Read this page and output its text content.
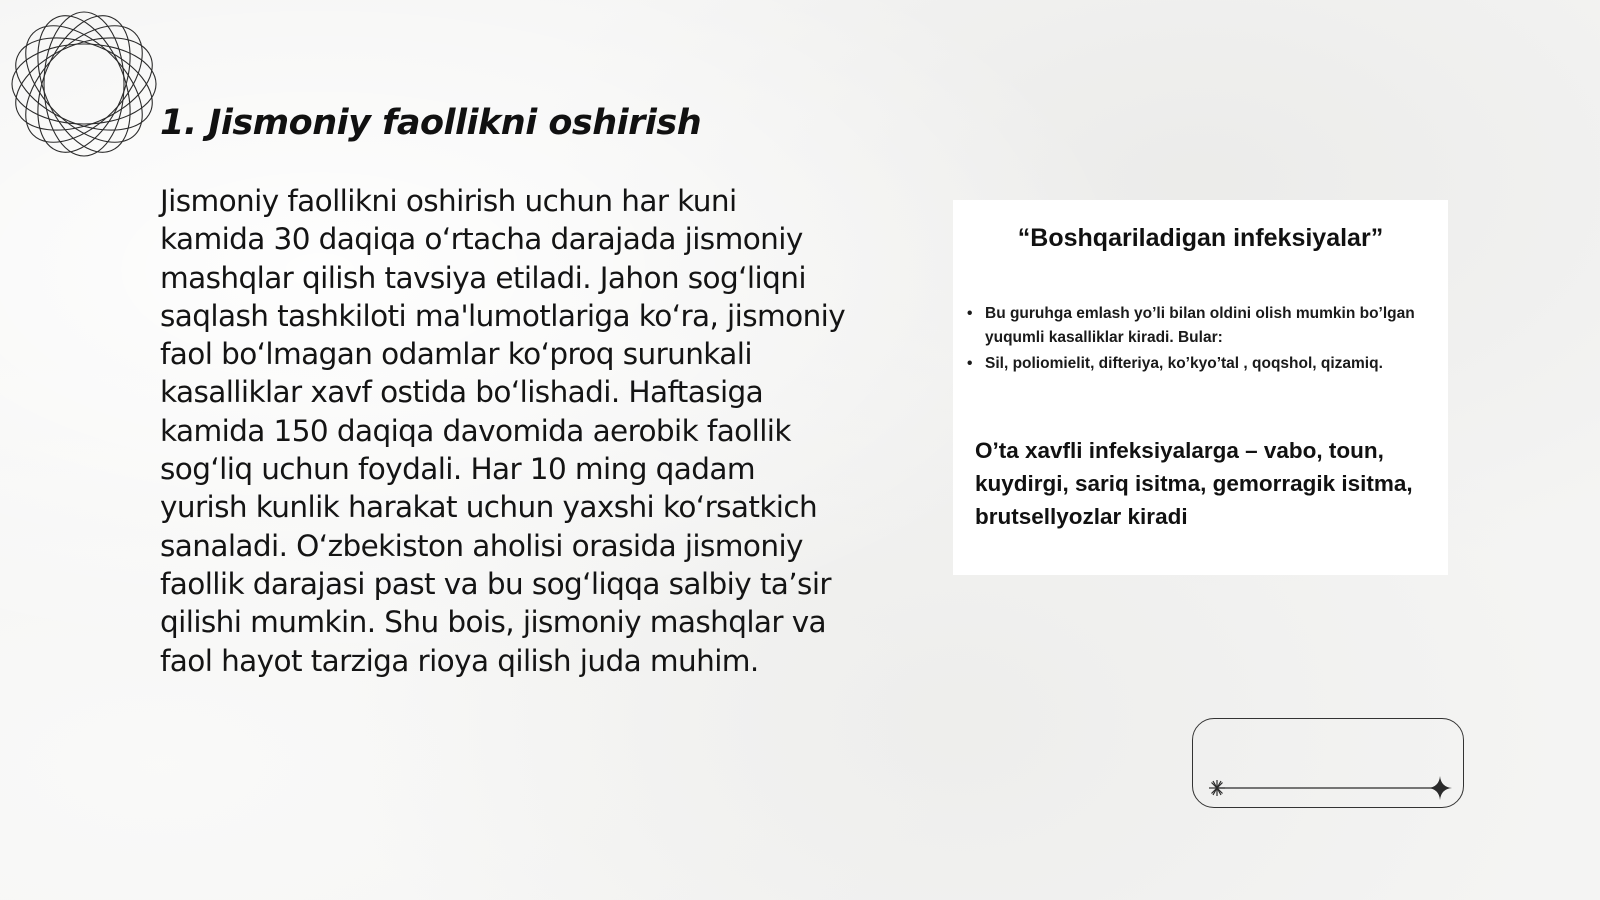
1. Jismoniy faollikni oshirish

Jismoniy faollikni oshirish uchun har kuni kamida 30 daqiqa o‘rtacha darajada jismoniy mashqlar qilish tavsiya etiladi. Jahon sog‘liqni saqlash tashkiloti ma'lumotlariga ko‘ra, jismoniy faol bo‘lmagan odamlar ko‘proq surunkali kasalliklar xavf ostida bo‘lishadi. Haftasiga kamida 150 daqiqa davomida aerobik faollik sog‘liq uchun foydali. Har 10 ming qadam yurish kunlik harakat uchun yaxshi ko‘rsatkich sanaladi. O‘zbekiston aholisi orasida jismoniy faollik darajasi past va bu sog‘liqqa salbiy ta’sir qilishi mumkin. Shu bois, jismoniy mashqlar va faol hayot tarziga rioya qilish juda muhim.

“Boshqariladigan infeksiyalar”
• Bu guruhga emlash yo’li bilan oldini olish mumkin bo’lgan yuqumli kasalliklar kiradi. Bular:
• Sil, poliomielit, difteriya, ko’kyo’tal , qoqshol, qizamiq.

O’ta xavfli infeksiyalarga – vabo, toun, kuydirgi, sariq isitma, gemorragik isitma, brutsellyozlar kiradi
